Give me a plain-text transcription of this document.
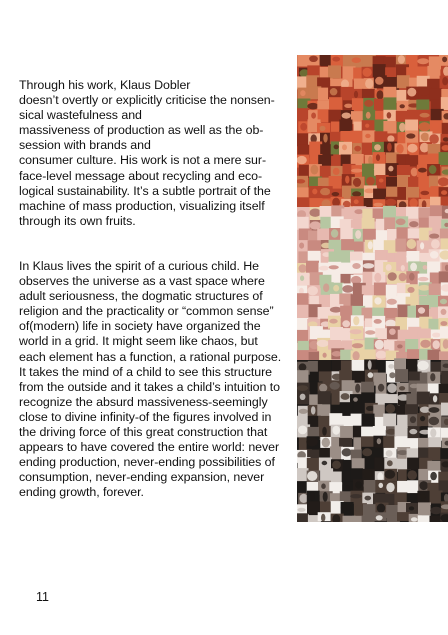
Through his work, Klaus Dobler
doesn’t overtly or explicitly criticise the nonsen-
sical wastefulness and
massiveness of production as well as the ob-
session with brands and
consumer culture. His work is not a mere sur-
face-level message about recycling and eco-
logical sustainability. It’s a subtle portrait of the
machine of mass production, visualizing itself
through its own fruits.

In Klaus lives the spirit of a curious child. He
observes the universe as a vast space where
adult seriousness, the dogmatic structures of
religion and the practicality or “common sense”
of(modern) life in society have organized the
world in a grid. It might seem like chaos, but
each element has a function, a rational purpose.
It takes the mind of a child to see this structure
from the outside and it takes a child’s intuition to
recognize the absurd massiveness-seemingly
close to divine infinity-of the figures involved in
the driving force of this great construction that
appears to have covered the entire world: never
ending production, never-ending possibilities of
consumption, never-ending expansion, never
ending growth, forever.

11
